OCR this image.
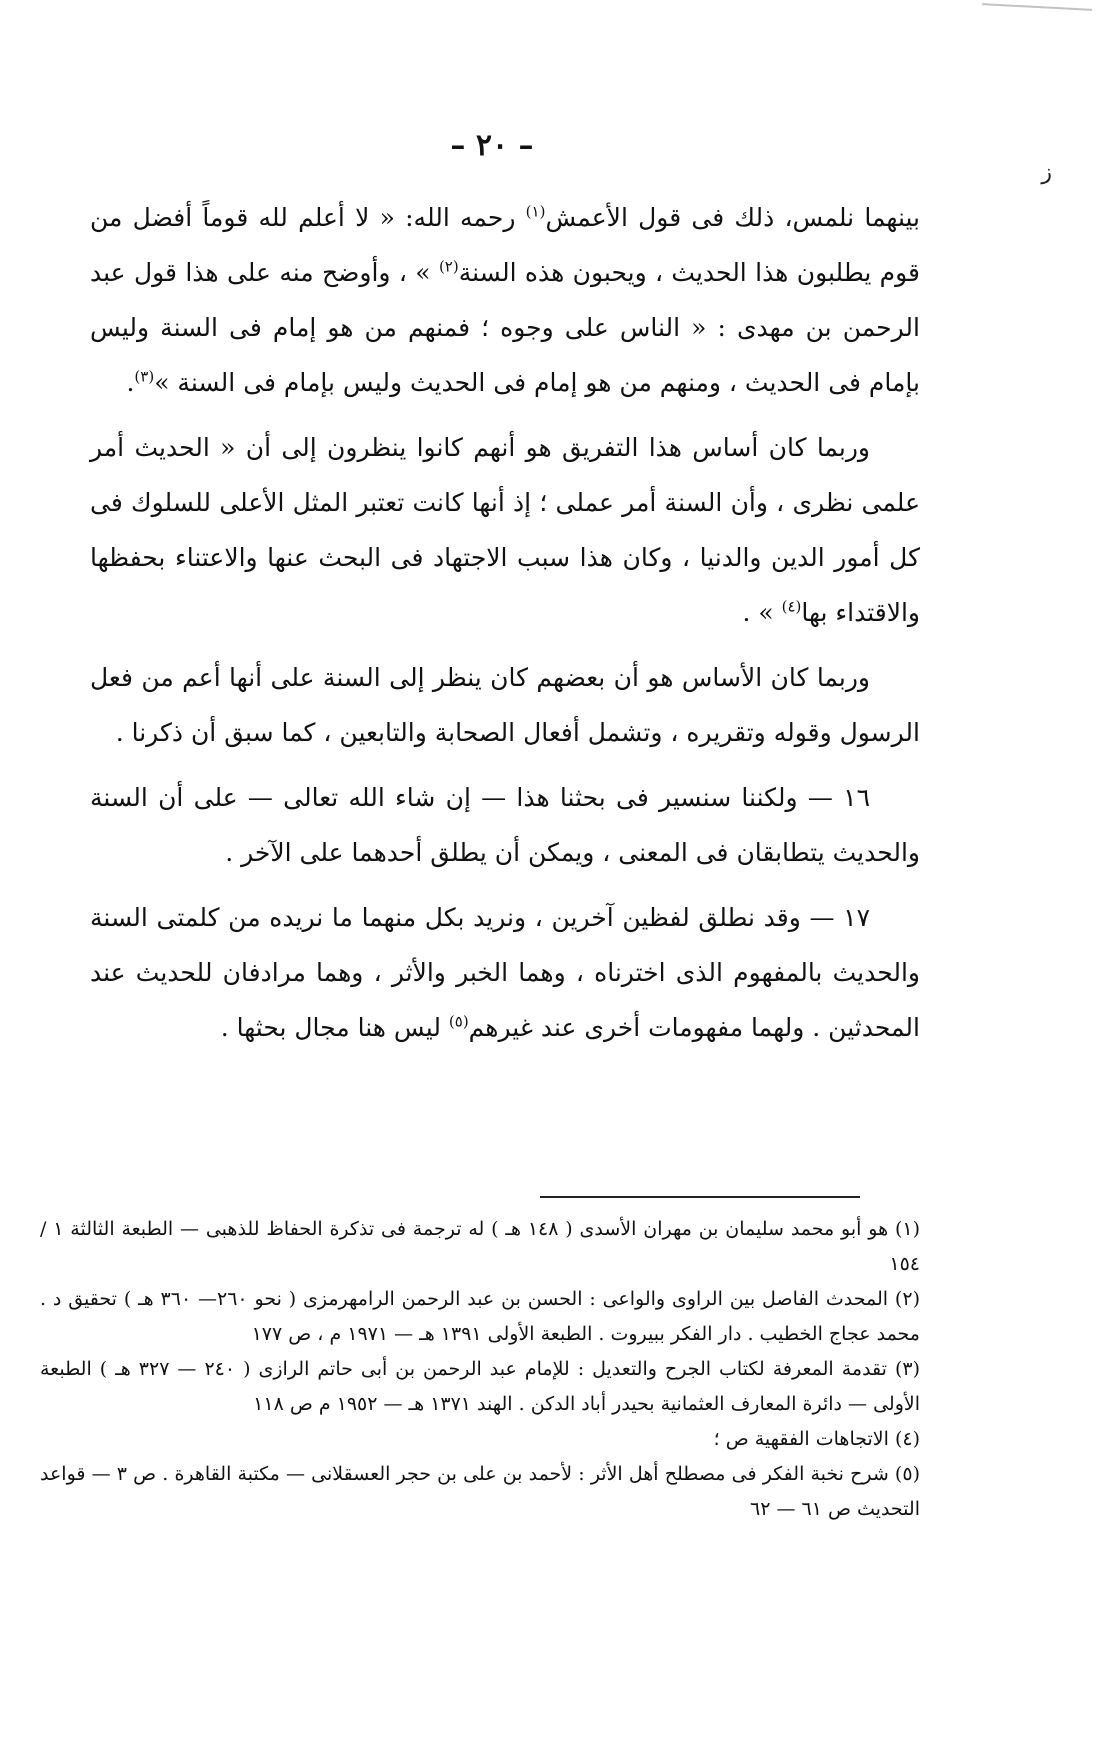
ز
– ٢٠ –

بينهما نلمس، ذلك فى قول الأعمش$^{(١)}$ رحمه الله: « لا أعلم لله قوماً أفضل من قوم يطلبون هذا الحديث ، ويحبون هذه السنة$^{(٢)}$ » ، وأوضح منه على هذا قول عبد الرحمن بن مهدى : « الناس على وجوه ؛ فمنهم من هو إمام فى السنة وليس بإمام فى الحديث ، ومنهم من هو إمام فى الحديث وليس بإمام فى السنة »$^{(٣)}$.

وربما كان أساس هذا التفريق هو أنهم كانوا ينظرون إلى أن « الحديث أمر علمى نظرى ، وأن السنة أمر عملى ؛ إذ أنها كانت تعتبر المثل الأعلى للسلوك فى كل أمور الدين والدنيا ، وكان هذا سبب الاجتهاد فى البحث عنها والاعتناء بحفظها والاقتداء بها$^{(٤)}$ » .

وربما كان الأساس هو أن بعضهم كان ينظر إلى السنة على أنها أعم من فعل الرسول وقوله وتقريره ، وتشمل أفعال الصحابة والتابعين ، كما سبق أن ذكرنا .

١٦ — ولكننا سنسير فى بحثنا هذا — إن شاء الله تعالى — على أن السنة والحديث يتطابقان فى المعنى ، ويمكن أن يطلق أحدهما على الآخر .

١٧ — وقد نطلق لفظين آخرين ، ونريد بكل منهما ما نريده من كلمتى السنة والحديث بالمفهوم الذى اخترناه ، وهما الخبر والأثر ، وهما مرادفان للحديث عند المحدثين . ولهما مفهومات أخرى عند غيرهم$^{(٥)}$ ليس هنا مجال بحثها .

(١) هو أبو محمد سليمان بن مهران الأسدى ( ١٤٨ هـ ) له ترجمة فى تذكرة الحفاظ للذهبى — الطبعة الثالثة ١ / ١٥٤

(٢) المحدث الفاصل بين الراوى والواعى : الحسن بن عبد الرحمن الرامهرمزى ( نحو ٢٦٠— ٣٦٠ هـ ) تحقيق د . محمد عجاج الخطيب . دار الفكر ببيروت . الطبعة الأولى ١٣٩١ هـ — ١٩٧١ م ، ص ١٧٧

(٣) تقدمة المعرفة لكتاب الجرح والتعديل : للإمام عبد الرحمن بن أبى حاتم الرازى ( ٢٤٠ — ٣٢٧ هـ ) الطبعة الأولى — دائرة المعارف العثمانية بحيدر أباد الدكن . الهند ١٣٧١ هـ — ١٩٥٢ م ص ١١٨

(٤) الاتجاهات الفقهية ص ؛

(٥) شرح نخبة الفكر فى مصطلح أهل الأثر : لأحمد بن على بن حجر العسقلانى — مكتبة القاهرة . ص ٣ — قواعد التحديث ص ٦١ — ٦٢
